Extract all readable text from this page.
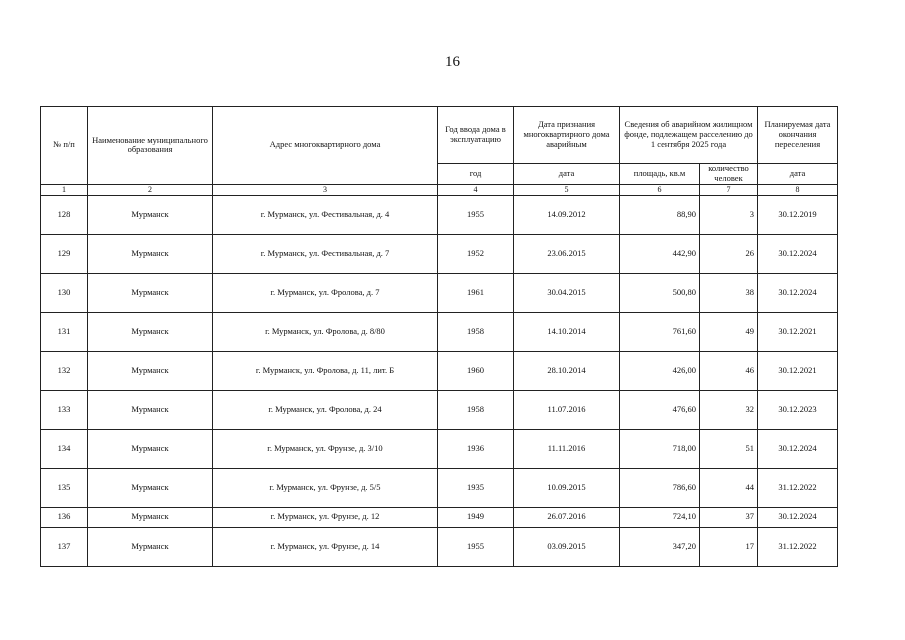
16
№ п/п	Наименование муниципального образования	Адрес многоквартирного дома	Год ввода дома в эксплуатацию	Дата признания многоквартирного дома аварийным	Сведения об аварийном жилищном фонде, подлежащем расселению до 1 сентября 2025 года		Планируемая дата окончания переселения
			год	дата	площадь, кв.м	количество человек	дата
1	2	3	4	5	6	7	8
128	Мурманск	г. Мурманск, ул. Фестивальная, д. 4	1955	14.09.2012	88,90	3	30.12.2019
129	Мурманск	г. Мурманск, ул. Фестивальная, д. 7	1952	23.06.2015	442,90	26	30.12.2024
130	Мурманск	г. Мурманск, ул. Фролова, д. 7	1961	30.04.2015	500,80	38	30.12.2024
131	Мурманск	г. Мурманск, ул. Фролова, д. 8/80	1958	14.10.2014	761,60	49	30.12.2021
132	Мурманск	г. Мурманск, ул. Фролова, д. 11, лит. Б	1960	28.10.2014	426,00	46	30.12.2021
133	Мурманск	г. Мурманск, ул. Фролова, д. 24	1958	11.07.2016	476,60	32	30.12.2023
134	Мурманск	г. Мурманск, ул. Фрунзе, д. 3/10	1936	11.11.2016	718,00	51	30.12.2024
135	Мурманск	г. Мурманск, ул. Фрунзе, д. 5/5	1935	10.09.2015	786,60	44	31.12.2022
136	Мурманск	г. Мурманск, ул. Фрунзе, д. 12	1949	26.07.2016	724,10	37	30.12.2024
137	Мурманск	г. Мурманск, ул. Фрунзе, д. 14	1955	03.09.2015	347,20	17	31.12.2022
